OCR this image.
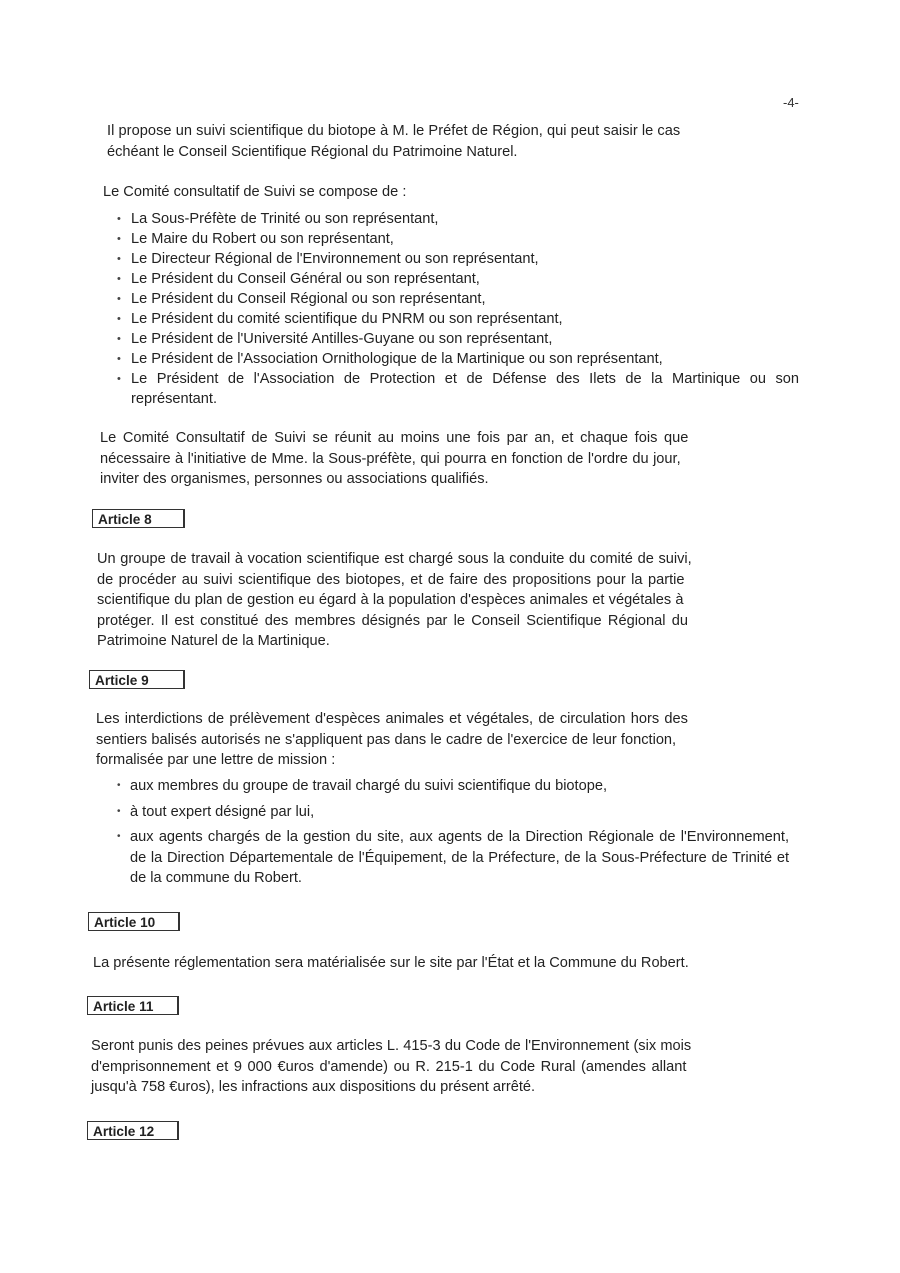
-4-
Il propose un suivi scientifique du biotope à M. le Préfet de Région, qui peut saisir le cas
échéant le Conseil Scientifique Régional du Patrimoine Naturel.
Le Comité consultatif de Suivi se compose de :
• La Sous-Préfète de Trinité ou son représentant,
• Le Maire du Robert ou son représentant,
• Le Directeur Régional de l'Environnement ou son représentant,
• Le Président du Conseil Général ou son représentant,
• Le Président du Conseil Régional ou son représentant,
• Le Président du comité scientifique du PNRM ou son représentant,
• Le Président de l'Université Antilles-Guyane ou son représentant,
• Le Président de l'Association Ornithologique de la Martinique ou son représentant,
• Le Président de l'Association de Protection et de Défense des Ilets de la Martinique ou son représentant.
Le Comité Consultatif de Suivi se réunit au moins une fois par an, et chaque fois que
nécessaire à l'initiative de Mme. la Sous-préfète, qui pourra en fonction de l'ordre du jour,
inviter des organismes, personnes ou associations qualifiés.
Article 8
Un groupe de travail à vocation scientifique est chargé sous la conduite du comité de suivi,
de procéder au suivi scientifique des biotopes, et de faire des propositions pour la partie
scientifique du plan de gestion eu égard à la population d'espèces animales et végétales à
protéger. Il est constitué des membres désignés par le Conseil Scientifique Régional du
Patrimoine Naturel de la Martinique.
Article 9
Les interdictions de prélèvement d'espèces animales et végétales, de circulation hors des
sentiers balisés autorisés ne s'appliquent pas dans le cadre de l'exercice de leur fonction,
formalisée par une lettre de mission :
• aux membres du groupe de travail chargé du suivi scientifique du biotope,
• à tout expert désigné par lui,
• aux agents chargés de la gestion du site, aux agents de la Direction Régionale de l'Environnement, de la Direction Départementale de l'Équipement, de la Préfecture, de la Sous-Préfecture de Trinité et de la commune du Robert.
Article 10
La présente réglementation sera matérialisée sur le site par l'État et la Commune du Robert.
Article 11
Seront punis des peines prévues aux articles L. 415-3 du Code de l'Environnement (six mois
d'emprisonnement et 9 000 €uros d'amende) ou R. 215-1 du Code Rural (amendes allant
jusqu'à 758 €uros), les infractions aux dispositions du présent arrêté.
Article 12
